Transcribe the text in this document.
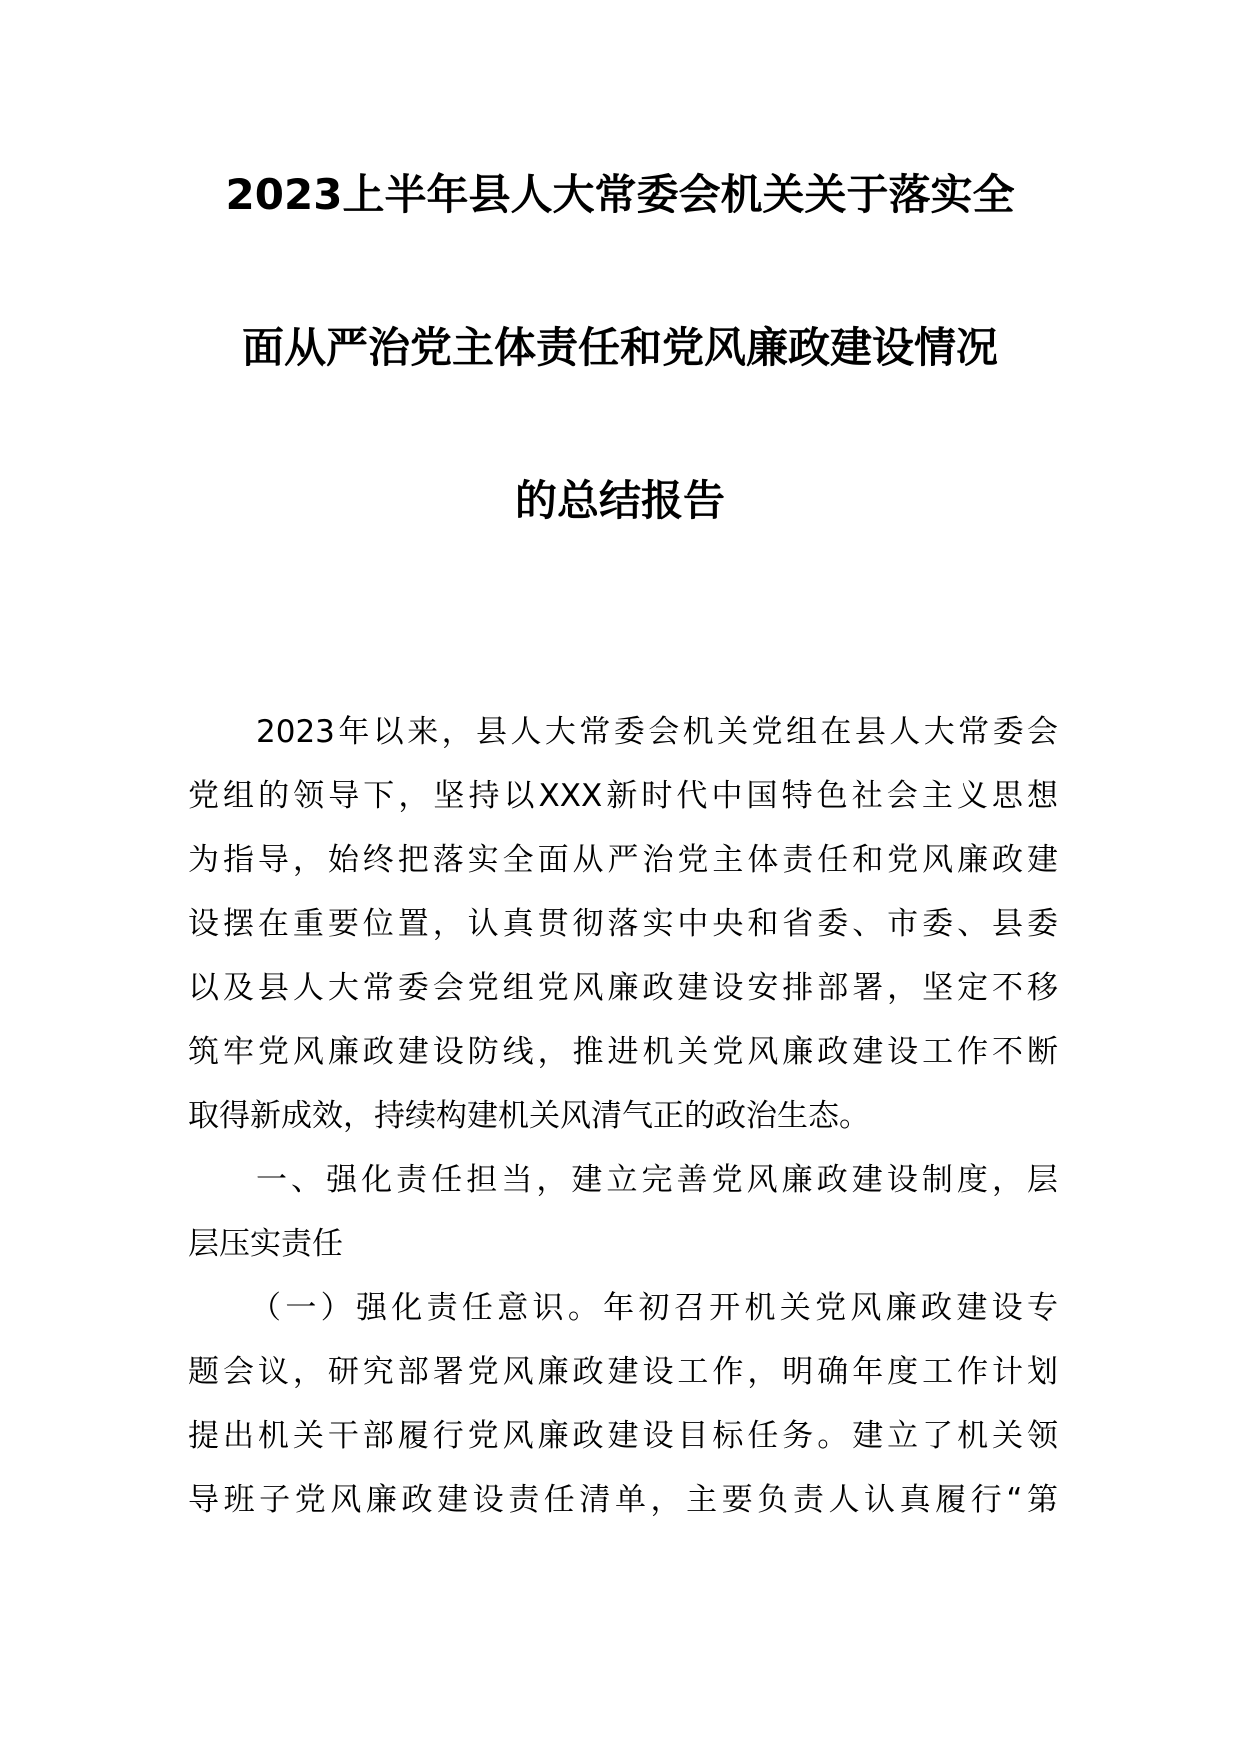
2023上半年县人大常委会机关关于落实全
面从严治党主体责任和党风廉政建设情况
的总结报告
2023年以来，县人大常委会机关党组在县人大常委会
党组的领导下，坚持以XXX新时代中国特色社会主义思想
为指导，始终把落实全面从严治党主体责任和党风廉政建
设摆在重要位置，认真贯彻落实中央和省委、市委、县委
以及县人大常委会党组党风廉政建设安排部署，坚定不移
筑牢党风廉政建设防线，推进机关党风廉政建设工作不断
取得新成效，持续构建机关风清气正的政治生态。
一、强化责任担当，建立完善党风廉政建设制度，层
层压实责任
（一）强化责任意识。年初召开机关党风廉政建设专
题会议，研究部署党风廉政建设工作，明确年度工作计划
提出机关干部履行党风廉政建设目标任务。建立了机关领
导班子党风廉政建设责任清单，主要负责人认真履行“第
